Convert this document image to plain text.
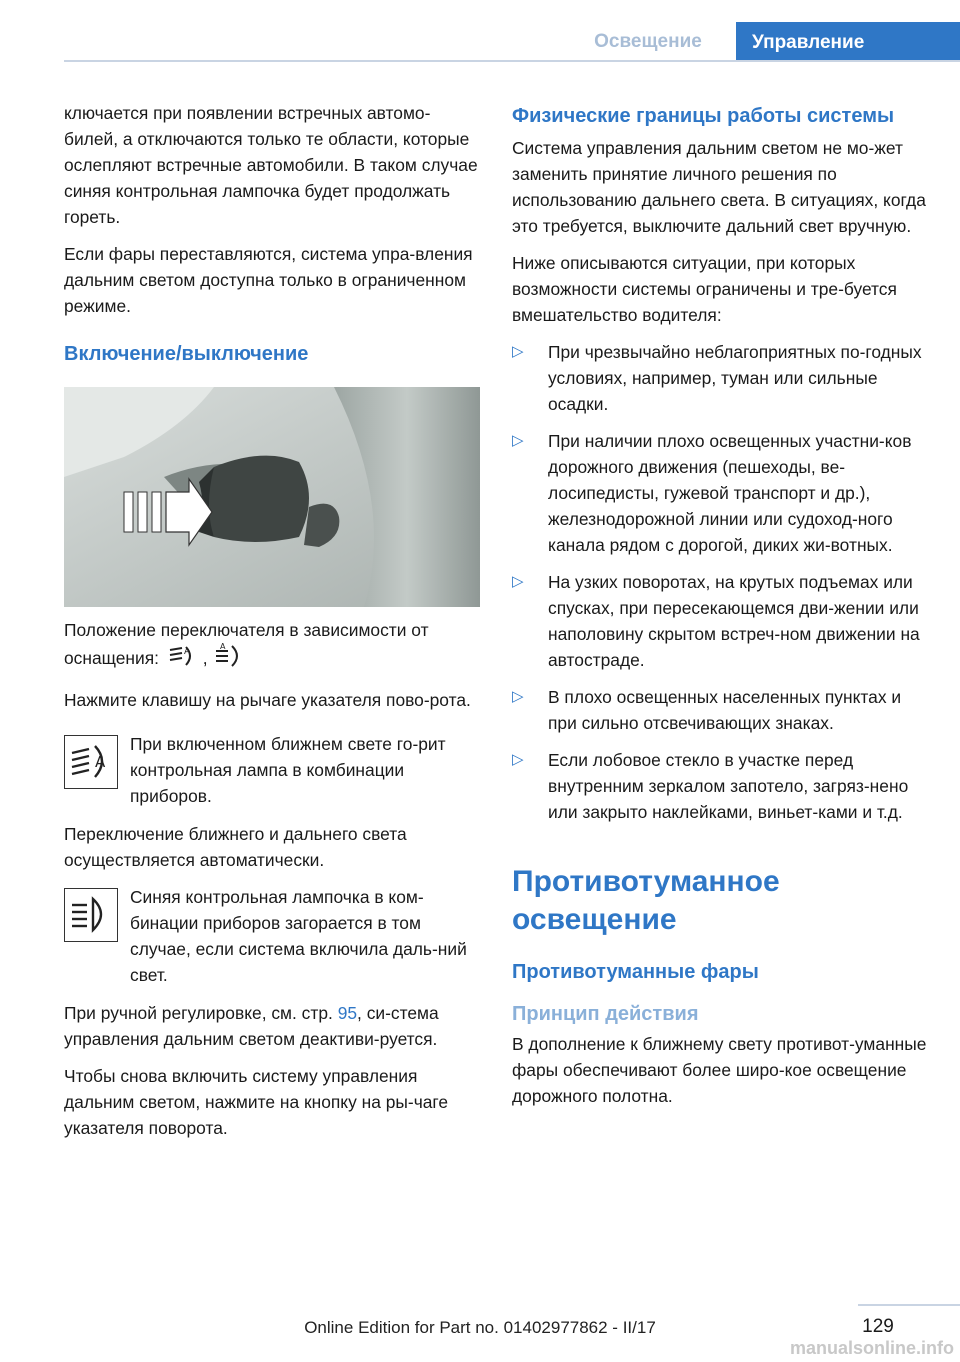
Освещение	Управление

ключается при появлении встречных автомо-билей, а отключаются только те области, которые ослепляют встречные автомобили. В таком случае синяя контрольная лампочка будет продолжать гореть.

Если фары переставляются, система упра-вления дальним светом доступна только в ограниченном режиме.

Включение/выключение

Положение переключателя в зависимости от оснащения:	A ,
A

Нажмите клавишу на рычаге указателя пово-рота.

A
При включенном ближнем свете го-рит контрольная лампа в комбинации приборов.

Переключение ближнего и дальнего света осуществляется автоматически.

Синяя контрольная лампочка в ком-бинации приборов загорается в том случае, если система включила даль-ний свет.

При ручной регулировке, см. стр. 95, си-стема управления дальним светом деактиви-руется.

Чтобы снова включить систему управления дальним светом, нажмите на кнопку на ры-чаге указателя поворота.

Физические границы работы системы

Система управления дальним светом не мо-жет заменить принятие личного решения по использованию дальнего света. В ситуациях, когда это требуется, выключите дальний свет вручную.

Ниже описываются ситуации, при которых возможности системы ограничены и тре-буется вмешательство водителя:

▷ При чрезвычайно неблагоприятных по-годных условиях, например, туман или сильные осадки.
▷ При наличии плохо освещенных участни-ков дорожного движения (пешеходы, ве-лосипедисты, гужевой транспорт и др.), железнодорожной линии или судоход-ного канала рядом с дорогой, диких жи-вотных.
▷ На узких поворотах, на крутых подъемах или спусках, при пересекающемся дви-жении или наполовину скрытом встреч-ном движении на автостраде.
▷ В плохо освещенных населенных пунктах и при сильно отсвечивающих знаках.
▷ Если лобовое стекло в участке перед внутренним зеркалом запотело, загряз-нено или закрыто наклейками, виньет-ками и т.д.
Противотуманное освещение
Противотуманные фары
Принцип действия

В дополнение к ближнему свету противот-уманные фары обеспечивают более широ-кое освещение дорожного полотна.

129
Online Edition for Part no. 01402977862 - II/17
manualsonline.info
